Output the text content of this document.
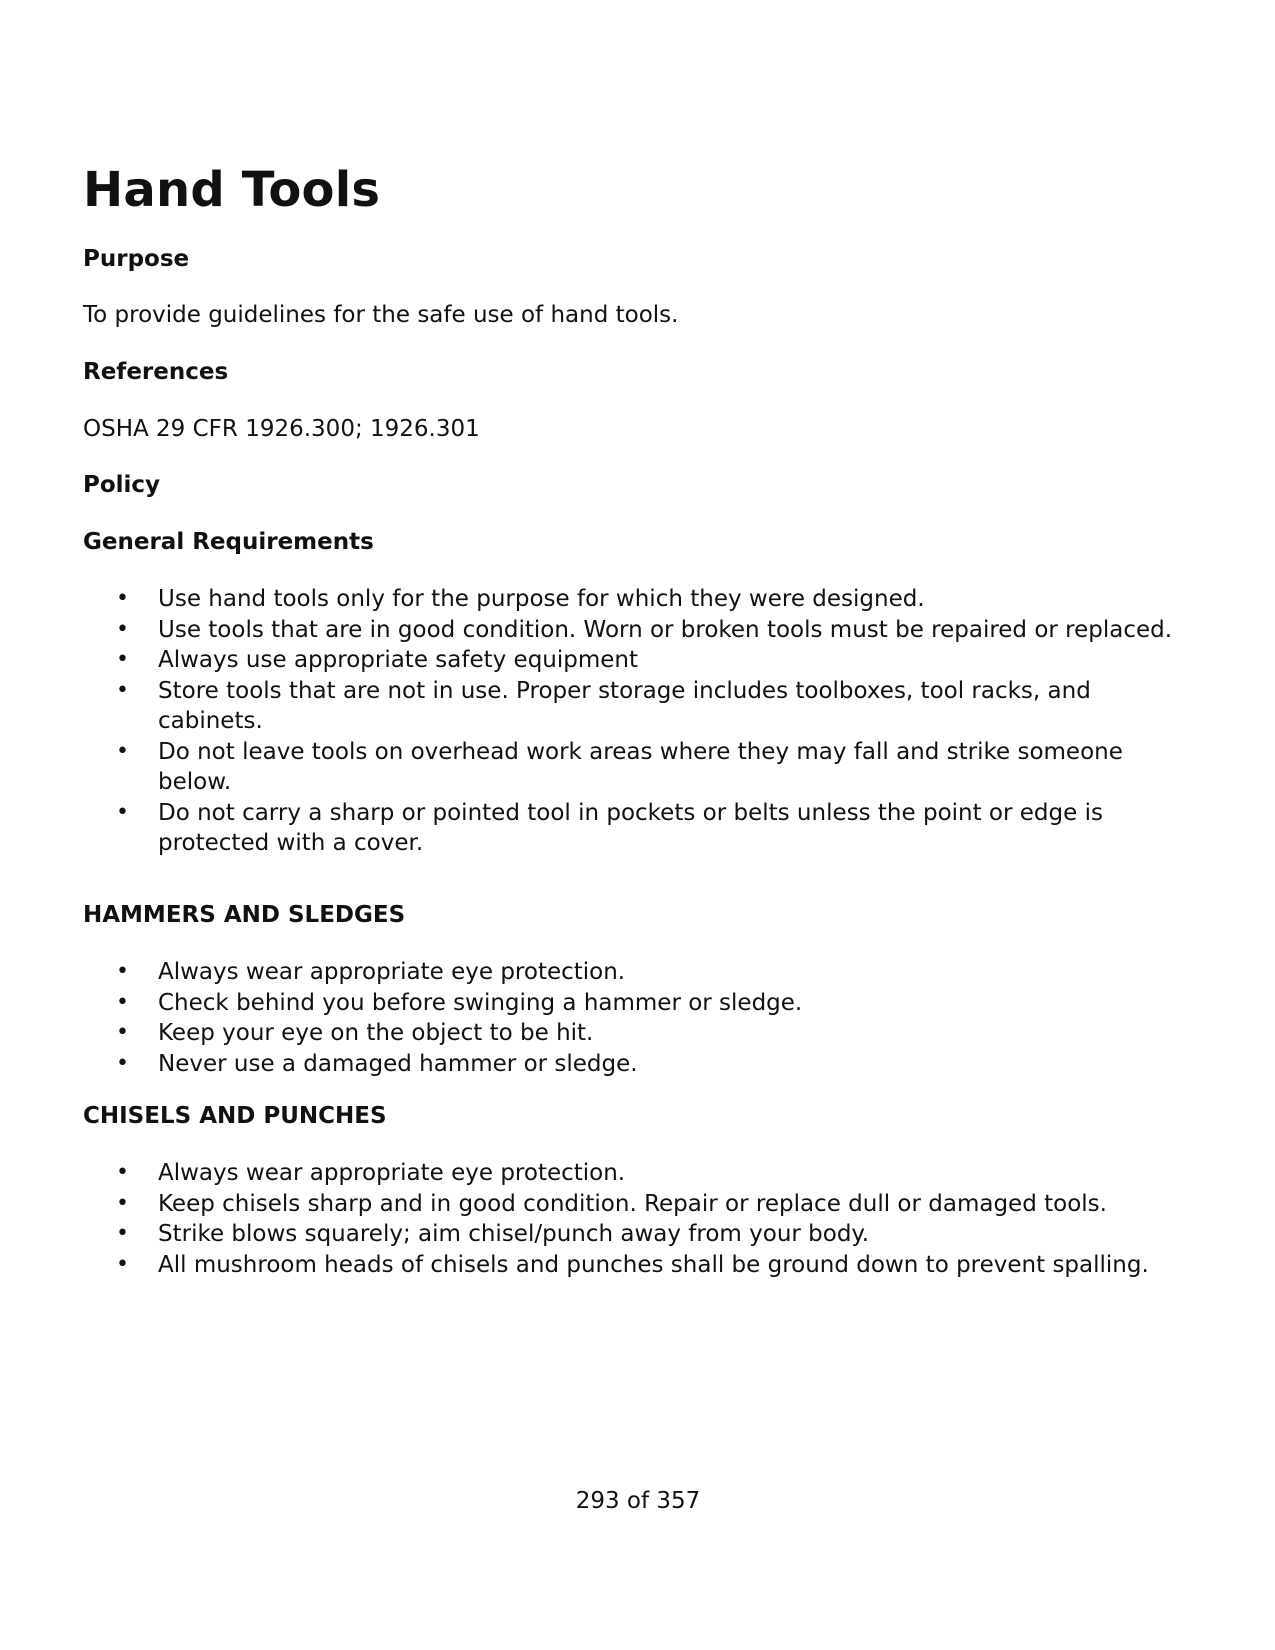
Hand Tools
Purpose

To provide guidelines for the safe use of hand tools.

References

OSHA 29 CFR 1926.300; 1926.301

Policy
General Requirements
• Use hand tools only for the purpose for which they were designed.
• Use tools that are in good condition. Worn or broken tools must be repaired or replaced.
• Always use appropriate safety equipment
• Store tools that are not in use. Proper storage includes toolboxes, tool racks, and cabinets.
• Do not leave tools on overhead work areas where they may fall and strike someone below.
• Do not carry a sharp or pointed tool in pockets or belts unless the point or edge is protected with a cover.
HAMMERS AND SLEDGES
• Always wear appropriate eye protection.
• Check behind you before swinging a hammer or sledge.
• Keep your eye on the object to be hit.
• Never use a damaged hammer or sledge.
CHISELS AND PUNCHES
• Always wear appropriate eye protection.
• Keep chisels sharp and in good condition. Repair or replace dull or damaged tools.
• Strike blows squarely; aim chisel/punch away from your body.
• All mushroom heads of chisels and punches shall be ground down to prevent spalling.

293 of 357
